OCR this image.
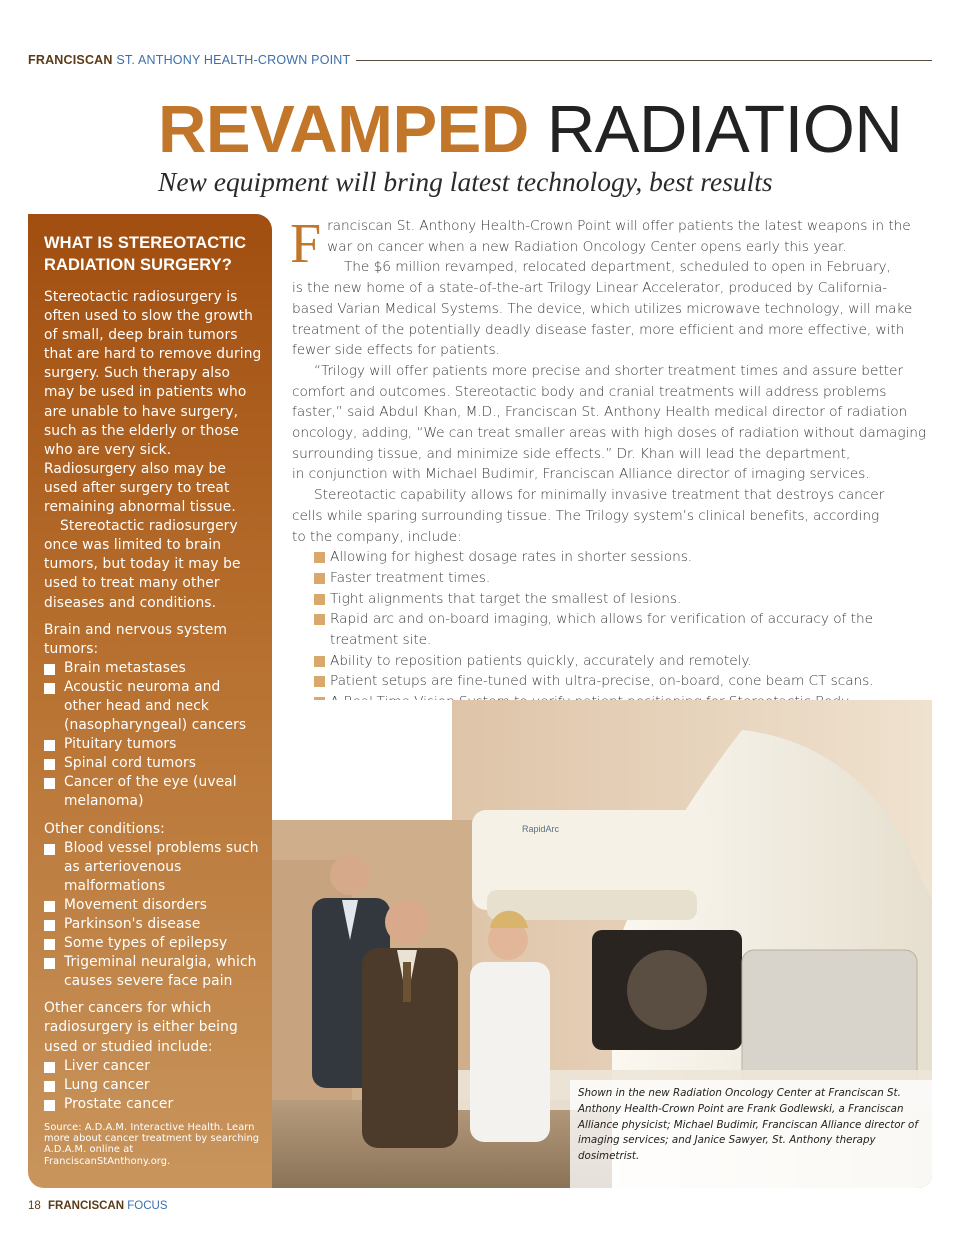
FRANCISCAN ST. ANTHONY HEALTH-CROWN POINT
REVAMPED RADIATION
New equipment will bring latest technology, best results
WHAT IS STEREOTACTIC RADIATION SURGERY?

Stereotactic radiosurgery is often used to slow the growth of small, deep brain tumors that are hard to remove during surgery. Such therapy also may be used in patients who are unable to have surgery, such as the elderly or those who are very sick. Radiosurgery also may be used after surgery to treat remaining abnormal tissue.

Stereotactic radiosurgery once was limited to brain tumors, but today it may be used to treat many other diseases and conditions.

Brain and nervous system tumors:

Brain metastases
Acoustic neuroma and other head and neck (nasopharyngeal) cancers
Pituitary tumors
Spinal cord tumors
Cancer of the eye (uveal melanoma)

Other conditions:

Blood vessel problems such as arteriovenous malformations
Movement disorders
Parkinson's disease
Some types of epilepsy
Trigeminal neuralgia, which causes severe face pain

Other cancers for which radiosurgery is either being used or studied include:

Liver cancer
Lung cancer
Prostate cancer

Source: A.D.A.M. Interactive Health. Learn more about cancer treatment by searching A.D.A.M. online at FranciscanStAnthony.org.

F ranciscan St. Anthony Health-Crown Point will offer patients the latest weapons in the
war on cancer when a new Radiation Oncology Center opens early this year.
The $6 million revamped, relocated department, scheduled to open in February,
is the new home of a state-of-the-art Trilogy Linear Accelerator, produced by California-
based Varian Medical Systems. The device, which utilizes microwave technology, will make
treatment of the potentially deadly disease faster, more efficient and more effective, with
fewer side effects for patients.
“Trilogy will offer patients more precise and shorter treatment times and assure better
comfort and outcomes. Stereotactic body and cranial treatments will address problems
faster,” said Abdul Khan, M.D., Franciscan St. Anthony Health medical director of radiation
oncology, adding, “We can treat smaller areas with high doses of radiation without damaging
surrounding tissue, and minimize side effects.” Dr. Khan will lead the department,
in conjunction with Michael Budimir, Franciscan Alliance director of imaging services.
Stereotactic capability allows for minimally invasive treatment that destroys cancer
cells while sparing surrounding tissue. The Trilogy system’s clinical benefits, according
to the company, include:
Allowing for highest dosage rates in shorter sessions.
Faster treatment times.
Tight alignments that target the smallest of lesions.
Rapid arc and on-board imaging, which allows for verification of accuracy of the
treatment site.
Ability to reposition patients quickly, accurately and remotely.
Patient setups are fine-tuned with ultra-precise, on-board, cone beam CT scans.
RapidArc
Shown in the new Radiation Oncology Center at Franciscan St. Anthony Health-Crown Point are Frank Godlewski, a Franciscan Alliance physicist; Michael Budimir, Franciscan Alliance director of imaging services; and Janice Sawyer, St. Anthony therapy dosimetrist.
18 FRANCISCAN FOCUS
